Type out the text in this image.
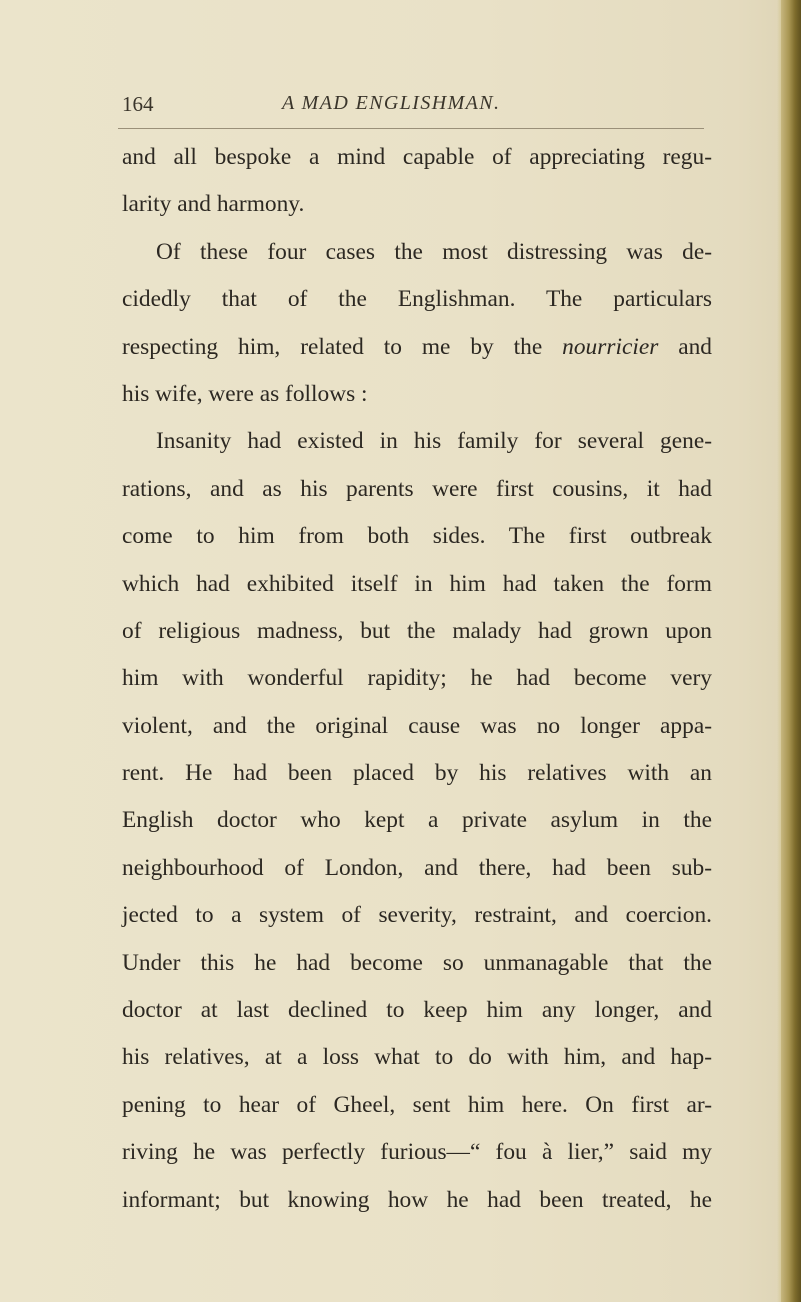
164	A MAD ENGLISHMAN.
and all bespoke a mind capable of appreciating regu-
larity and harmony.
Of these four cases the most distressing was de-
cidedly that of the Englishman. The particulars
respecting him, related to me by the nourricier and
his wife, were as follows :
Insanity had existed in his family for several gene-
rations, and as his parents were first cousins, it had
come to him from both sides. The first outbreak
which had exhibited itself in him had taken the form
of religious madness, but the malady had grown upon
him with wonderful rapidity; he had become very
violent, and the original cause was no longer appa-
rent. He had been placed by his relatives with an
English doctor who kept a private asylum in the
neighbourhood of London, and there, had been sub-
jected to a system of severity, restraint, and coercion.
Under this he had become so unmanagable that the
doctor at last declined to keep him any longer, and
his relatives, at a loss what to do with him, and hap-
pening to hear of Gheel, sent him here. On first ar-
riving he was perfectly furious—“ fou à lier,” said my
informant; but knowing how he had been treated, he
